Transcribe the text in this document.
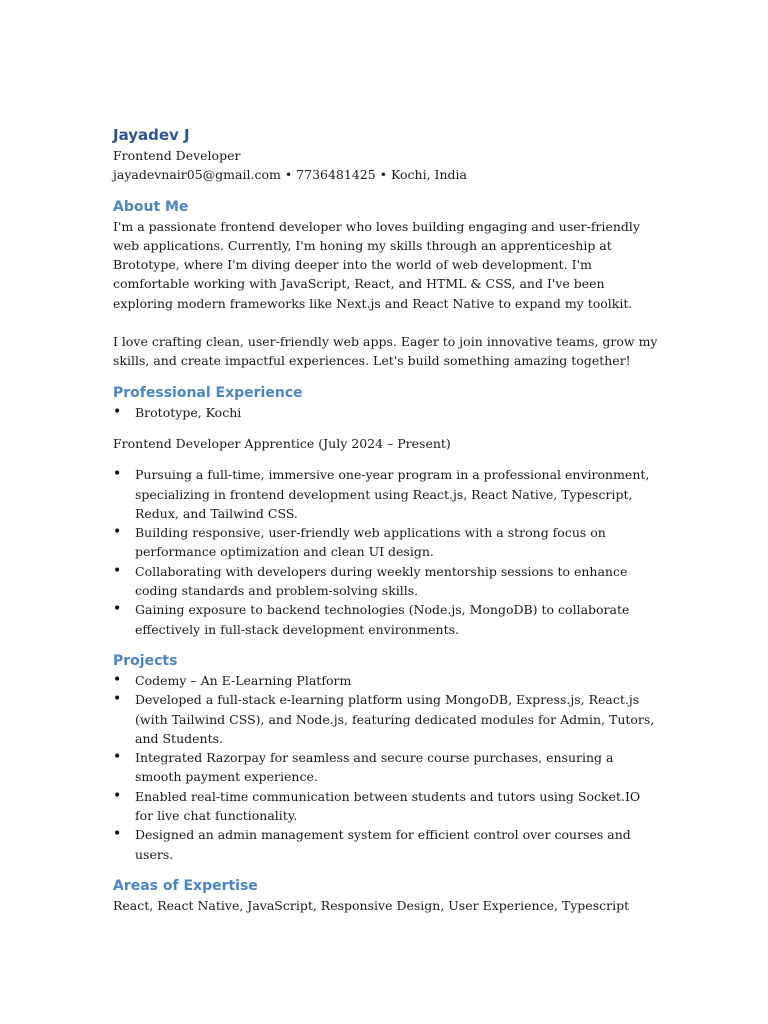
Jayadev J

Frontend Developer

jayadevnair05@gmail.com • 7736481425 • Kochi, India

About Me

I'm a passionate frontend developer who loves building engaging and user-friendly web applications. Currently, I'm honing my skills through an apprenticeship at Brototype, where I'm diving deeper into the world of web development. I'm comfortable working with JavaScript, React, and HTML & CSS, and I've been exploring modern frameworks like Next.js and React Native to expand my toolkit.

I love crafting clean, user-friendly web apps. Eager to join innovative teams, grow my skills, and create impactful experiences. Let's build something amazing together!

Professional Experience
• Brototype, Kochi

Frontend Developer Apprentice (July 2024 – Present)

• Pursuing a full-time, immersive one-year program in a professional environment, specializing in frontend development using React.js, React Native, Typescript, Redux, and Tailwind CSS.
• Building responsive, user-friendly web applications with a strong focus on performance optimization and clean UI design.
• Collaborating with developers during weekly mentorship sessions to enhance coding standards and problem-solving skills.
• Gaining exposure to backend technologies (Node.js, MongoDB) to collaborate effectively in full-stack development environments.
Projects
• Codemy – An E-Learning Platform
• Developed a full-stack e-learning platform using MongoDB, Express.js, React.js (with Tailwind CSS), and Node.js, featuring dedicated modules for Admin, Tutors, and Students.
• Integrated Razorpay for seamless and secure course purchases, ensuring a smooth payment experience.
• Enabled real-time communication between students and tutors using Socket.IO for live chat functionality.
• Designed an admin management system for efficient control over courses and users.
Areas of Expertise

React, React Native, JavaScript, Responsive Design, User Experience, Typescript
